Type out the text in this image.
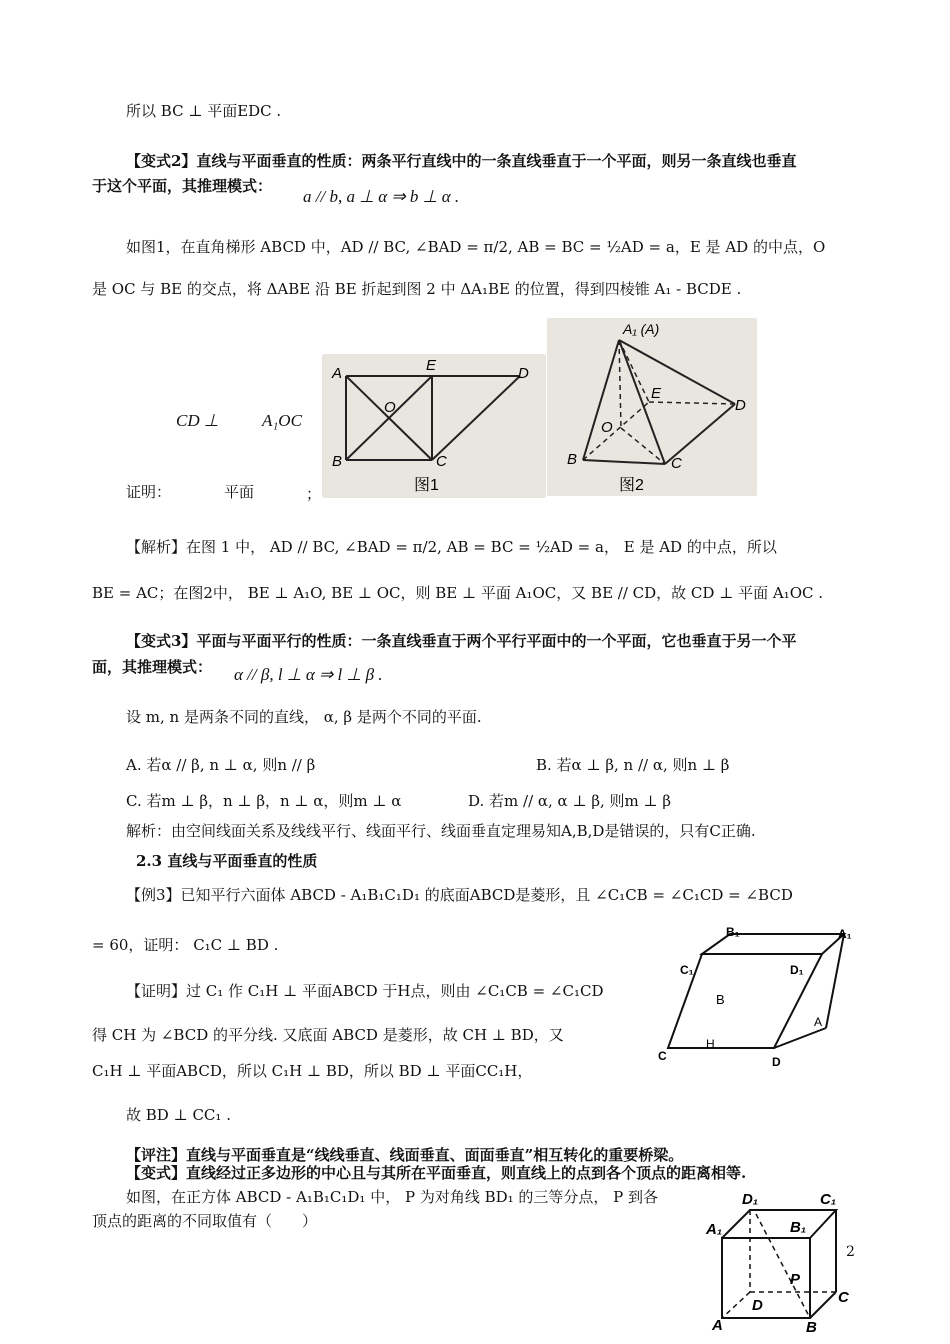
所以 BC ⊥ 平面EDC .
【变式2】直线与平面垂直的性质：两条平行直线中的一条直线垂直于一个平面，则另一条直线也垂直
于这个平面，其推理模式：
a // b, a ⊥ α ⇒ b ⊥ α .
如图1，在直角梯形 ABCD 中，AD // BC, ∠BAD = π/2, AB = BC = ½AD = a，E 是 AD 的中点，O
是 OC 与 BE 的交点，将 ΔABE 沿 BE 折起到图 2 中 ΔA₁BE 的位置，得到四棱锥 A₁ - BCDE .
CD ⊥	A₁OC
证明：	平面	；
A	E	D
O
B	C
图1
A₁ (A)
E
D
O
B	C
图2
【解析】在图 1 中， AD // BC, ∠BAD = π/2, AB = BC = ½AD = a， E 是 AD 的中点，所以
BE = AC；在图2中， BE ⊥ A₁O, BE ⊥ OC，则 BE ⊥ 平面 A₁OC，又 BE // CD，故 CD ⊥ 平面 A₁OC .
【变式3】平面与平面平行的性质：一条直线垂直于两个平行平面中的一个平面，它也垂直于另一个平
面，其推理模式： α // β, l ⊥ α ⇒ l ⊥ β .
设 m, n 是两条不同的直线， α, β 是两个不同的平面.
A. 若α // β, n ⊥ α, 则n // β	B. 若α ⊥ β, n // α, 则n ⊥ β
C. 若m ⊥ β，n ⊥ β，n ⊥ α，则m ⊥ α	D. 若m // α, α ⊥ β, 则m ⊥ β
解析：由空间线面关系及线线平行、线面平行、线面垂直定理易知A,B,D是错误的，只有C正确.
2.3 直线与平面垂直的性质
【例3】已知平行六面体 ABCD - A₁B₁C₁D₁ 的底面ABCD是菱形，且 ∠C₁CB = ∠C₁CD = ∠BCD
= 60，证明： C₁C ⊥ BD .
【证明】过 C₁ 作 C₁H ⊥ 平面ABCD 于H点，则由 ∠C₁CB = ∠C₁CD
得 CH 为 ∠BCD 的平分线. 又底面 ABCD 是菱形，故 CH ⊥ BD，又
C₁H ⊥ 平面ABCD，所以 C₁H ⊥ BD，所以 BD ⊥ 平面CC₁H，
故 BD ⊥ CC₁ .
【评注】直线与平面垂直是“线线垂直、线面垂直、面面垂直”相互转化的重要桥梁。
【变式】直线经过正多边形的中心且与其所在平面垂直，则直线上的点到各个顶点的距离相等.
如图，在正方体 ABCD - A₁B₁C₁D₁ 中， P 为对角线 BD₁ 的三等分点， P 到各
顶点的距离的不同取值有（　　）
B₁	A₁
C₁	D₁
B
A
C
H
D
D₁	C₁
A₁	B₁
P
D	C
A	B
2
